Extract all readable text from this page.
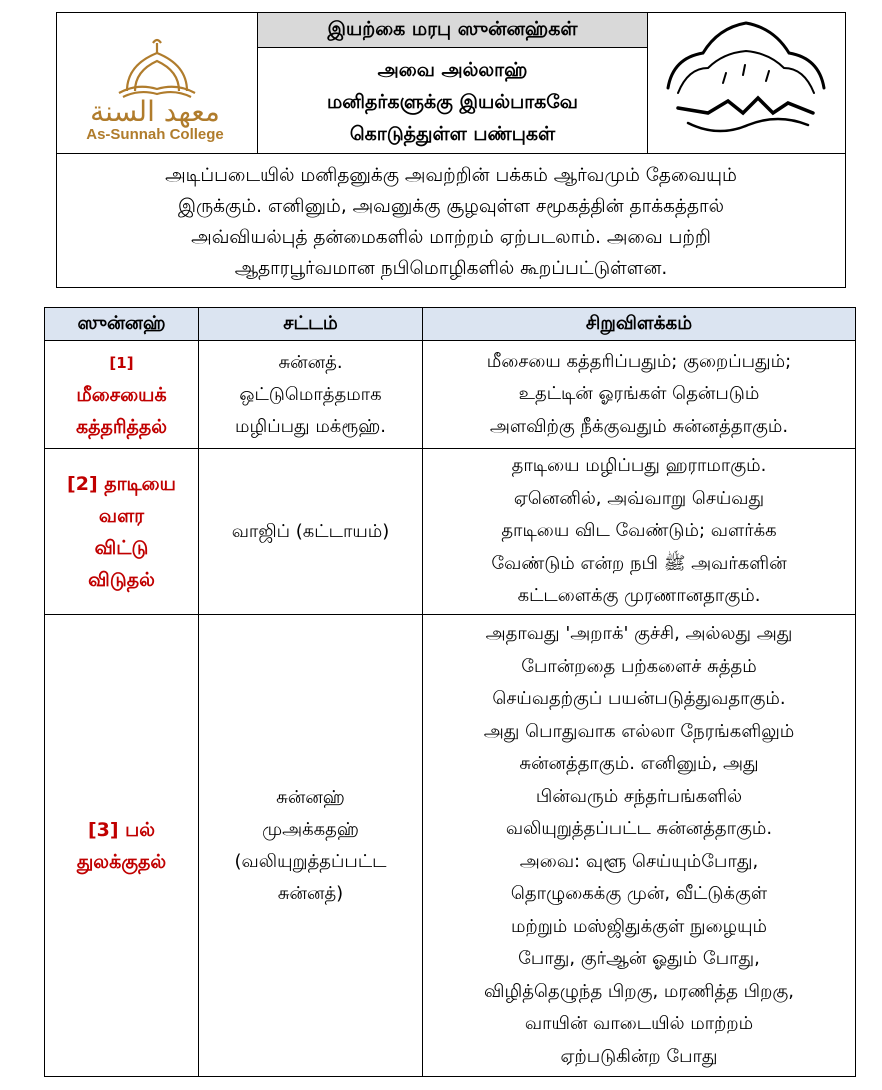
معهد السنة
As-Sunnah College
இயற்கை மரபு ஸுன்னஹ்கள்
அவை அல்லாஹ்
மனிதர்களுக்கு இயல்பாகவே
கொடுத்துள்ள பண்புகள்
அடிப்படையில் மனிதனுக்கு அவற்றின் பக்கம் ஆர்வமும் தேவையும்
இருக்கும். எனினும், அவனுக்கு சூழவுள்ள சமூகத்தின் தாக்கத்தால்
அவ்வியல்புத் தன்மைகளில் மாற்றம் ஏற்படலாம். அவை பற்றி
ஆதாரபூர்வமான நபிமொழிகளில் கூறப்பட்டுள்ளன.
ஸுன்னஹ்	சட்டம்	சிறுவிளக்கம்
[1]
மீசையைக்
கத்தரித்தல்
சுன்னத்.
ஒட்டுமொத்தமாக
மழிப்பது மக்ரூஹ்.
மீசையை கத்தரிப்பதும்; குறைப்பதும்;
உதட்டின் ஓரங்கள் தென்படும்
அளவிற்கு நீக்குவதும் சுன்னத்தாகும்.
[2] தாடியை
வளர
விட்டு
விடுதல்
வாஜிப் (கட்டாயம்)
தாடியை மழிப்பது ஹராமாகும்.
ஏனெனில், அவ்வாறு செய்வது
தாடியை விட வேண்டும்; வளர்க்க
வேண்டும் என்ற நபி ﷺ அவர்களின்
கட்டளைக்கு முரணானதாகும்.
[3] பல்
துலக்குதல்
சுன்னஹ்
முஅக்கதஹ்
(வலியுறுத்தப்பட்ட
சுன்னத்)
அதாவது 'அறாக்' குச்சி, அல்லது அது
போன்றதை பற்களைச் சுத்தம்
செய்வதற்குப் பயன்படுத்துவதாகும்.
அது பொதுவாக எல்லா நேரங்களிலும்
சுன்னத்தாகும். எனினும், அது
பின்வரும் சந்தர்பங்களில்
வலியுறுத்தப்பட்ட சுன்னத்தாகும்.
அவை: வுளூ செய்யும்போது,
தொழுகைக்கு முன், வீட்டுக்குள்
மற்றும் மஸ்ஜிதுக்குள் நுழையும்
போது, குர்ஆன் ஓதும் போது,
விழித்தெழுந்த பிறகு, மரணித்த பிறகு,
வாயின் வாடையில் மாற்றம்
ஏற்படுகின்ற போது
